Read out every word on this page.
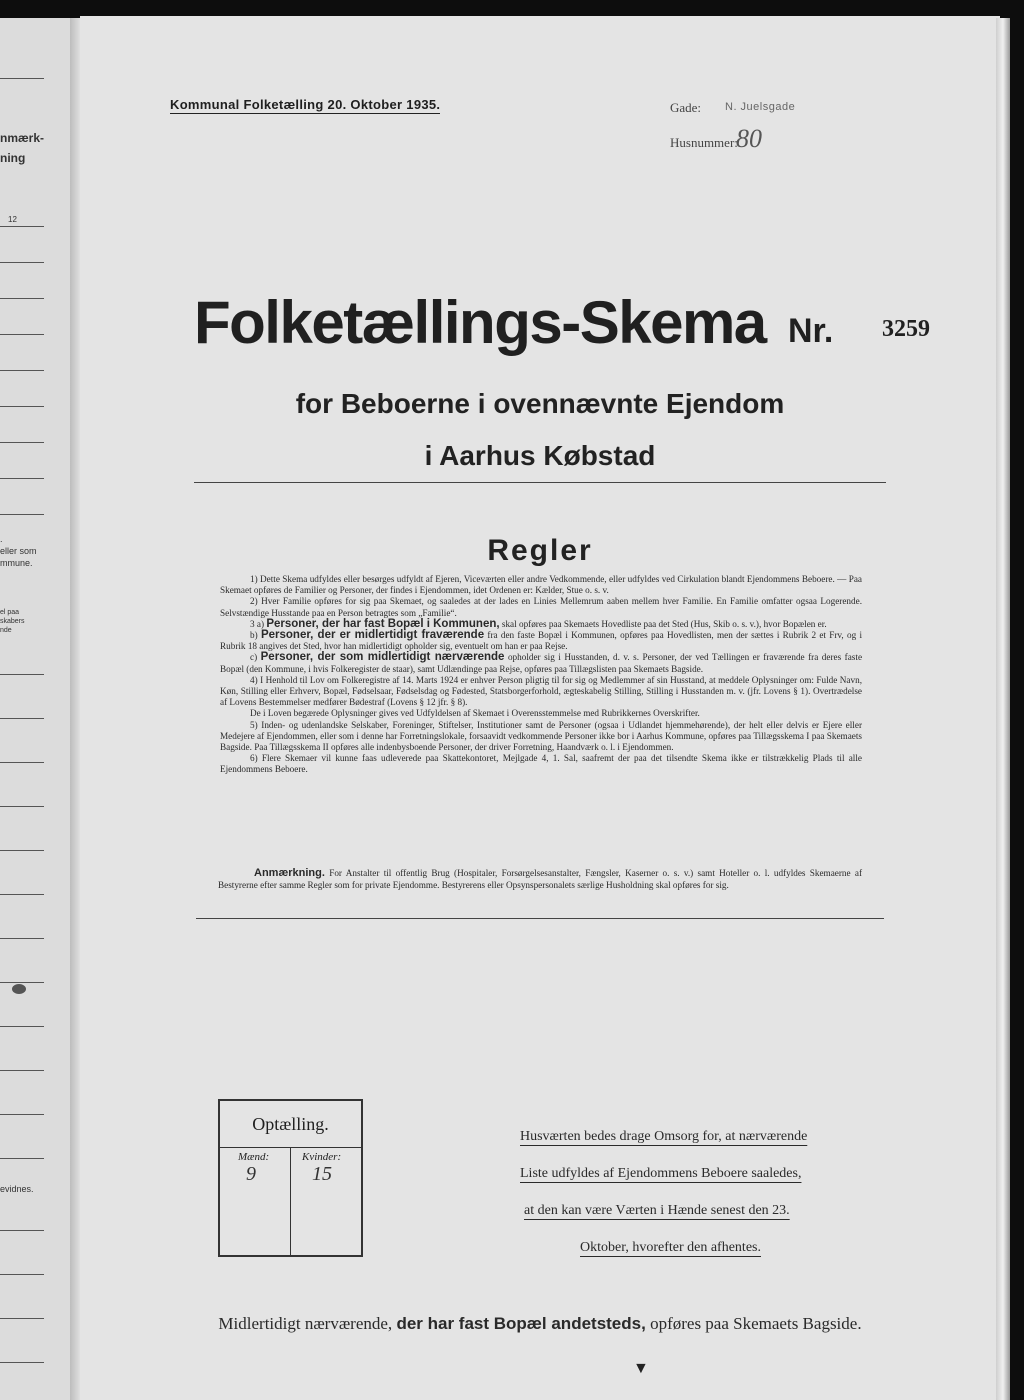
nmærk-
ning
12
.
eller som
mmune.
el paa
skabers
nde
evidnes.
Kommunal Folketælling 20. Oktober 1935.	Gade: N. Juelsgade
Husnummer:
80
Folketællings-Skema Nr. 3259
for Beboerne i ovennævnte Ejendom
i Aarhus Købstad
Regler

1) Dette Skema udfyldes eller besørges udfyldt af Ejeren, Viceværten eller andre Vedkommende, eller udfyldes ved Cirkulation blandt Ejendommens Beboere. — Paa Skemaet opføres de Familier og Personer, der findes i Ejendommen, idet Ordenen er: Kælder, Stue o. s. v.

2) Hver Familie opføres for sig paa Skemaet, og saaledes at der lades en Linies Mellemrum aaben mellem hver Familie. En Familie omfatter ogsaa Logerende. Selvstændige Husstande paa en Person betragtes som „Familie“.

3 a) Personer, der har fast Bopæl i Kommunen, skal opføres paa Skemaets Hovedliste paa det Sted (Hus, Skib o. s. v.), hvor Bopælen er.

b) Personer, der er midlertidigt fraværende fra den faste Bopæl i Kommunen, opføres paa Hovedlisten, men der sættes i Rubrik 2 et Frv, og i Rubrik 18 angives det Sted, hvor han midlertidigt opholder sig, eventuelt om han er paa Rejse.

c) Personer, der som midlertidigt nærværende opholder sig i Husstanden, d. v. s. Personer, der ved Tællingen er fraværende fra deres faste Bopæl (den Kommune, i hvis Folkeregister de staar), samt Udlændinge paa Rejse, opføres paa Tillægslisten paa Skemaets Bagside.

4) I Henhold til Lov om Folkeregistre af 14. Marts 1924 er enhver Person pligtig til for sig og Medlemmer af sin Husstand, at meddele Oplysninger om: Fulde Navn, Køn, Stilling eller Erhverv, Bopæl, Fødselsaar, Fødselsdag og Fødested, Statsborgerforhold, ægteskabelig Stilling, Stilling i Husstanden m. v. (jfr. Lovens § 1). Overtrædelse af Lovens Bestemmelser medfører Bødestraf (Lovens § 12 jfr. § 8).

De i Loven begærede Oplysninger gives ved Udfyldelsen af Skemaet i Overensstemmelse med Rubrikkernes Overskrifter.

5) Inden- og udenlandske Selskaber, Foreninger, Stiftelser, Institutioner samt de Personer (ogsaa i Udlandet hjemmehørende), der helt eller delvis er Ejere eller Medejere af Ejendommen, eller som i denne har Forretningslokale, forsaavidt vedkommende Personer ikke bor i Aarhus Kommune, opføres paa Tillægsskema I paa Skemaets Bagside. Paa Tillægsskema II opføres alle indenbysboende Personer, der driver Forretning, Haandværk o. l. i Ejendommen.

6) Flere Skemaer vil kunne faas udleverede paa Skattekontoret, Mejlgade 4, 1. Sal, saafremt der paa det tilsendte Skema ikke er tilstrækkelig Plads til alle Ejendommens Beboere.

Anmærkning. For Anstalter til offentlig Brug (Hospitaler, Forsørgelsesanstalter, Fængsler, Kaserner o. s. v.) samt Hoteller o. l. udfyldes Skemaerne af Bestyrerne efter samme Regler som for private Ejendomme. Bestyrerens eller Opsynspersonalets særlige Husholdning skal opføres for sig.
Optælling.
Mænd:
9
Kvinder:
15
Husværten bedes drage Omsorg for, at nærværende
Liste udfyldes af Ejendommens Beboere saaledes,
at den kan være Værten i Hænde senest den 23.
Oktober, hvorefter den afhentes.
Midlertidigt nærværende, der har fast Bopæl andetsteds, opføres paa Skemaets Bagside.
▼
